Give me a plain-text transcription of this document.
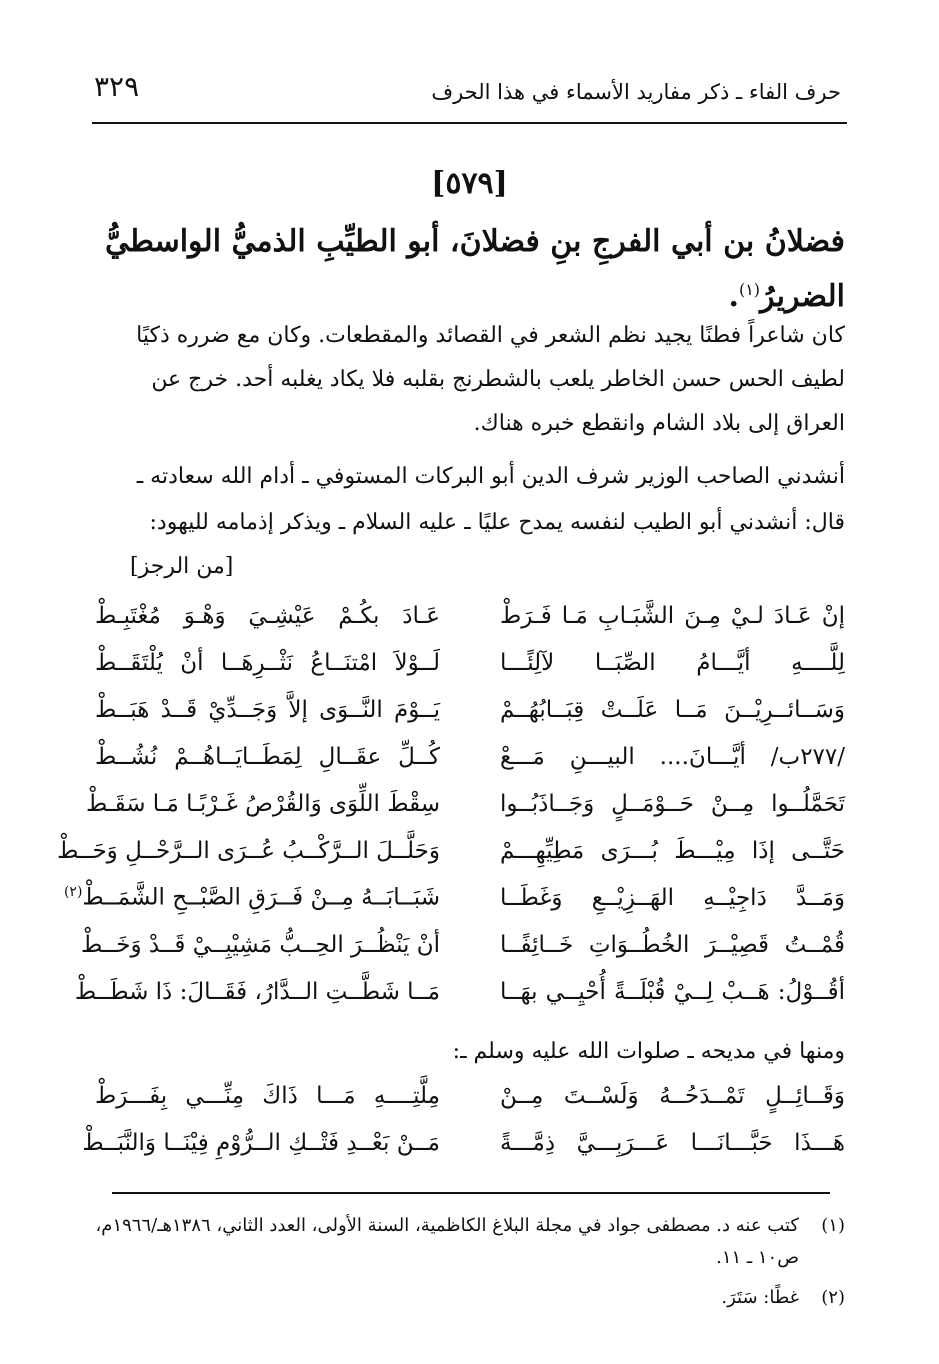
حرف الفاء ـ ذكر مفاريد الأسماء في هذا الحرف
٣٢٩
[٥٧٩]
فضلانُ بن أبي الفرجِ بنِ فضلانَ، أبو الطيِّبِ الذميُّ الواسطيُّ الضريرُ$^{(١)}$.
كان شاعراً فطنًا يجيد نظم الشعر في القصائد والمقطعات. وكان مع ضرره ذكيًا لطيف الحس حسن الخاطر يلعب بالشطرنج بقلبه فلا يكاد يغلبه أحد. خرج عن العراق إلى بلاد الشام وانقطع خبره هناك.
أنشدني الصاحب الوزير شرف الدين أبو البركات المستوفي ـ أدام الله سعادته ـ قال: أنشدني أبو الطيب لنفسه يمدح عليًا ـ عليه السلام ـ ويذكر إذمامه لليهود:
[من الرجز]
إنْ عَـادَ لـيْ مِـنَ الشَّبَـابِ مَـا فَـرَطْ
عَـادَ بكُـمْ عَيْشِـيَ وَهْـوَ مُغْتَبِـطْ
لِلَّــــهِ أيَّـــامُ الصِّبَــا لآلِئًـــا
لَــوْلاَ امْتنَــاعُ نَثْــرِهَــا أنْ يُلْتَقَــطْ
وَسَــائــرِيْــنَ مَــا عَلَــتْ قِبَــابُهُــمْ
يَــوْمَ النَّــوَى إلاَّ وَجَــدِّيْ قَــدْ هَبَــطْ
/٢٧٧ب/ أيَّـــانَ.... البيـــنِ مَـــعْ
كُــلِّ عقَــالِ لِمَطَــايَــاهُــمْ نُشُــطْ
تَحَمَّلُــوا مِــنْ حَــوْمَــلٍ وَجَــاذَبُــوا
سِقْطَ اللِّوَى وَالقُرْصُ غَـرْبًـا مَـا سَقَـطْ
حَتَّــى إذَا مِيْـــطَ بُـــرَى مَطِيِّهِـــمْ
وَحَلَّــلَ الــرَّكْــبُ عُــرَى الــرَّحْــلِ وَحَــطْ
وَمَــدَّ دَاجِيْــهِ الهَــزِيْــعِ وَغَطَــا
شَبَــابَــهُ مِــنْ فَــرَقِ الصَّبْــحِ الشَّمَــطْ$^{(٢)}$
قُمْــتُ قَصِيْــرَ الخُطُــوَاتِ خَــائِفًــا
أنْ يَنْظُــرَ الحِــبُّ مَشِيْبِــيْ قَــدْ وَخَــطْ
أقُــوْلُ: هَــبْ لِــيْ قُبْلَــةً أُحْيِــي بهَــا
مَــا شَطَّــتِ الــدَّارُ، فَقَــالَ: ذَا شَطَــطْ
ومنها في مديحه ـ صلوات الله عليه وسلم ـ:
وَقَــائِــلٍ تَمْــدَحُــهُ وَلَسْــتَ مِــنْ
مِلَّتِــــهِ مَـــا ذَاكَ مِنِّـــي بِفَـــرَطْ
هَـــذَا حَبَّـــانَـــا عَـــرَبِـــيَّ ذِمَّـــةً
مَــنْ بَعْــدِ فَتْــكِ الــرُّوْمِ فِيْنَــا وَالنَّبَــطْ
(١)
كتب عنه د. مصطفى جواد في مجلة البلاغ الكاظمية، السنة الأولى، العدد الثاني، ١٣٨٦هـ/١٩٦٦م،
ص١٠ ـ ١١.
(٢)
غطًا: سَتَرَ.
